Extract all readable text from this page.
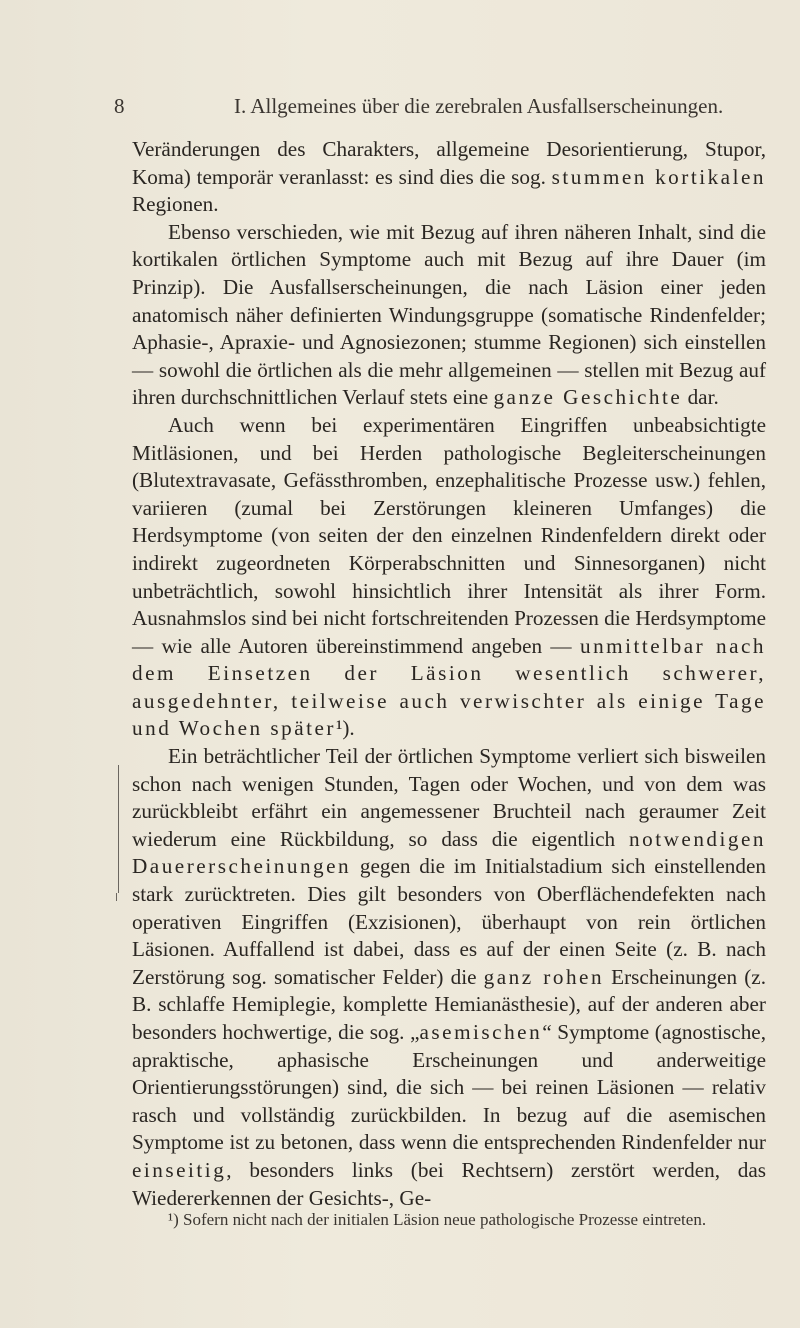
8	I. Allgemeines über die zerebralen Ausfallserscheinungen.

Veränderungen des Charakters, allgemeine Desorientierung, Stupor, Koma) temporär veranlasst: es sind dies die sog. stummen kortikalen Regionen.

Ebenso verschieden, wie mit Bezug auf ihren näheren Inhalt, sind die kortikalen örtlichen Symptome auch mit Bezug auf ihre Dauer (im Prinzip). Die Ausfallserscheinungen, die nach Läsion einer jeden anatomisch näher definierten Windungsgruppe (somatische Rindenfelder; Aphasie-, Apraxie- und Agnosiezonen; stumme Regionen) sich einstellen — sowohl die örtlichen als die mehr allgemeinen — stellen mit Bezug auf ihren durchschnittlichen Verlauf stets eine ganze Geschichte dar.

Auch wenn bei experimentären Eingriffen unbeabsichtigte Mitläsionen, und bei Herden pathologische Begleiterscheinungen (Blutextravasate, Gefässthromben, enzephalitische Prozesse usw.) fehlen, variieren (zumal bei Zerstörungen kleineren Umfanges) die Herdsymptome (von seiten der den einzelnen Rindenfeldern direkt oder indirekt zugeordneten Körperabschnitten und Sinnesorganen) nicht unbeträchtlich, sowohl hinsichtlich ihrer Intensität als ihrer Form. Ausnahmslos sind bei nicht fortschreitenden Prozessen die Herdsymptome — wie alle Autoren übereinstimmend angeben — unmittelbar nach dem Einsetzen der Läsion wesentlich schwerer, ausgedehnter, teilweise auch verwischter als einige Tage und Wochen später¹).

Ein beträchtlicher Teil der örtlichen Symptome verliert sich bisweilen schon nach wenigen Stunden, Tagen oder Wochen, und von dem was zurückbleibt erfährt ein angemessener Bruchteil nach geraumer Zeit wiederum eine Rückbildung, so dass die eigentlich notwendigen Dauererscheinungen gegen die im Initialstadium sich einstellenden stark zurücktreten. Dies gilt besonders von Oberflächendefekten nach operativen Eingriffen (Exzisionen), überhaupt von rein örtlichen Läsionen. Auffallend ist dabei, dass es auf der einen Seite (z. B. nach Zerstörung sog. somatischer Felder) die ganz rohen Erscheinungen (z. B. schlaffe Hemiplegie, komplette Hemianästhesie), auf der anderen aber besonders hochwertige, die sog. „asemischen“ Symptome (agnostische, apraktische, aphasische Erscheinungen und anderweitige Orientierungsstörungen) sind, die sich — bei reinen Läsionen — relativ rasch und vollständig zurückbilden. In bezug auf die asemischen Symptome ist zu betonen, dass wenn die entsprechenden Rindenfelder nur einseitig, besonders links (bei Rechtsern) zerstört werden, das Wiedererkennen der Gesichts-, Ge-

¹) Sofern nicht nach der initialen Läsion neue pathologische Prozesse eintreten.
